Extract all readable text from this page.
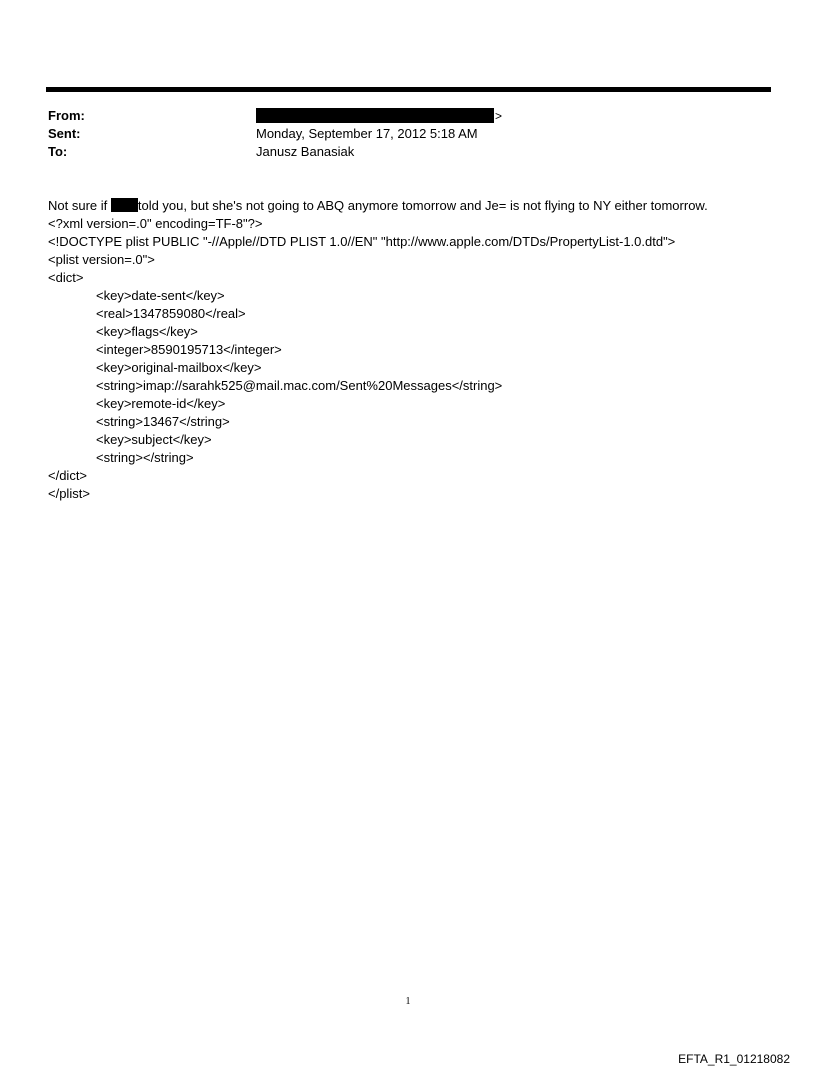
From:	>
Sent:	Monday, September 17, 2012 5:18 AM
To:	Janusz Banasiak
Not sure if told you, but she's not going to ABQ anymore tomorrow and Je= is not flying to NY either tomorrow.
<?xml version=.0" encoding=TF-8"?>
<!DOCTYPE plist PUBLIC "-//Apple//DTD PLIST 1.0//EN" "http://www.apple.com/DTDs/PropertyList-1.0.dtd">
<plist version=.0">
<dict>
<key>date-sent</key>
<real>1347859080</real>
<key>flags</key>
<integer>8590195713</integer>
<key>original-mailbox</key>
<string>imap://sarahk525@mail.mac.com/Sent%20Messages</string>
<key>remote-id</key>
<string>13467</string>
<key>subject</key>
<string></string>
</dict>
</plist>
1
EFTA_R1_01218082
